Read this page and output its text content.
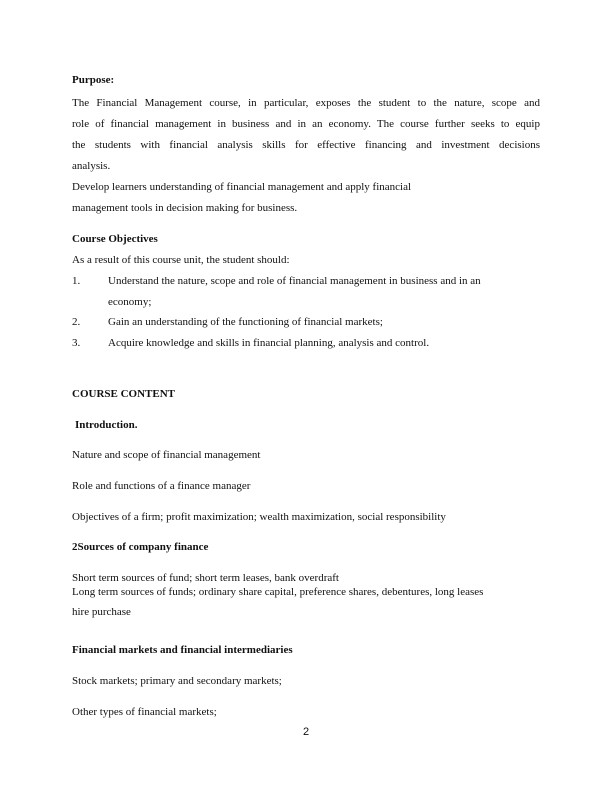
Purpose:
The Financial Management course, in particular, exposes the student to the nature, scope and
role of financial management in business and in an economy. The course further seeks to equip
the students with financial analysis skills for effective financing and investment decisions
analysis.
Develop learners understanding of financial management and apply financial
management tools in decision making for business.
Course Objectives
As a result of this course unit, the student should:
1.	Understand the nature, scope and role of financial management in business and in an
economy;
2.	Gain an understanding of the functioning of financial markets;
3.	Acquire knowledge and skills in financial planning, analysis and control.
COURSE CONTENT
Introduction.
Nature and scope of financial management
Role and functions of a finance manager
Objectives of a firm; profit maximization; wealth maximization, social responsibility
2Sources of company finance
Short term sources of fund; short term leases, bank overdraft
Long term sources of funds; ordinary share capital, preference shares, debentures, long leases
hire purchase
Financial markets and financial intermediaries
Stock markets; primary and secondary markets;
Other types of financial markets;
2
